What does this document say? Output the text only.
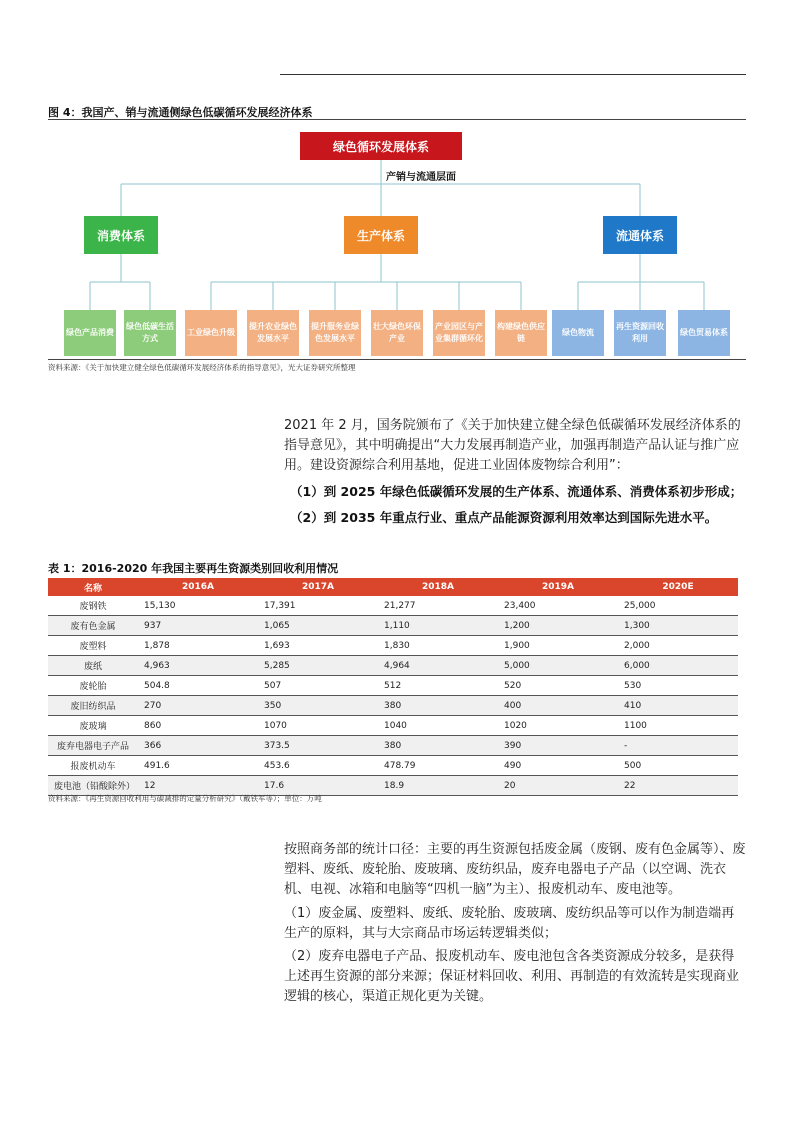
图 4：我国产、销与流通侧绿色低碳循环发展经济体系
绿色循环发展体系
产销与流通层面
消费体系	生产体系	流通体系
绿色产品消费
绿色低碳生活方式
工业绿色升级
提升农业绿色发展水平
提升服务业绿色发展水平
壮大绿色环保产业
产业园区与产业集群循环化
构建绿色供应链
绿色物流
再生资源回收利用
绿色贸易体系
资料来源：《关于加快建立健全绿色低碳循环发展经济体系的指导意见》，光大证券研究所整理
2021 年 2 月，国务院颁布了《关于加快建立健全绿色低碳循环发展经济体系的指导意见》，其中明确提出“大力发展再制造产业，加强再制造产品认证与推广应用。建设资源综合利用基地，促进工业固体废物综合利用”：
（1）到 2025 年绿色低碳循环发展的生产体系、流通体系、消费体系初步形成；
（2）到 2035 年重点行业、重点产品能源资源利用效率达到国际先进水平。
表 1：2016-2020 年我国主要再生资源类别回收利用情况
名称	2016A	2017A	2018A	2019A	2020E
废钢铁	15,130	17,391	21,277	23,400	25,000
废有色金属	937	1,065	1,110	1,200	1,300
废塑料	1,878	1,693	1,830	1,900	2,000
废纸	4,963	5,285	4,964	5,000	6,000
废轮胎	504.8	507	512	520	530
废旧纺织品	270	350	380	400	410
废玻璃	860	1070	1040	1020	1100
废弃电器电子产品	366	373.5	380	390	-
报废机动车	491.6	453.6	478.79	490	500
废电池（铅酸除外）	12	17.6	18.9	20	22
资料来源：《再生资源回收利用与碳减排的定量分析研究》（戴铁军等）；单位：万吨
按照商务部的统计口径：主要的再生资源包括废金属（废钢、废有色金属等）、废塑料、废纸、废轮胎、废玻璃、废纺织品，废弃电器电子产品（以空调、洗衣机、电视、冰箱和电脑等“四机一脑”为主）、报废机动车、废电池等。
（1）废金属、废塑料、废纸、废轮胎、废玻璃、废纺织品等可以作为制造端再生产的原料，其与大宗商品市场运转逻辑类似；
（2）废弃电器电子产品、报废机动车、废电池包含各类资源成分较多，是获得上述再生资源的部分来源；保证材料回收、利用、再制造的有效流转是实现商业逻辑的核心，渠道正规化更为关键。
